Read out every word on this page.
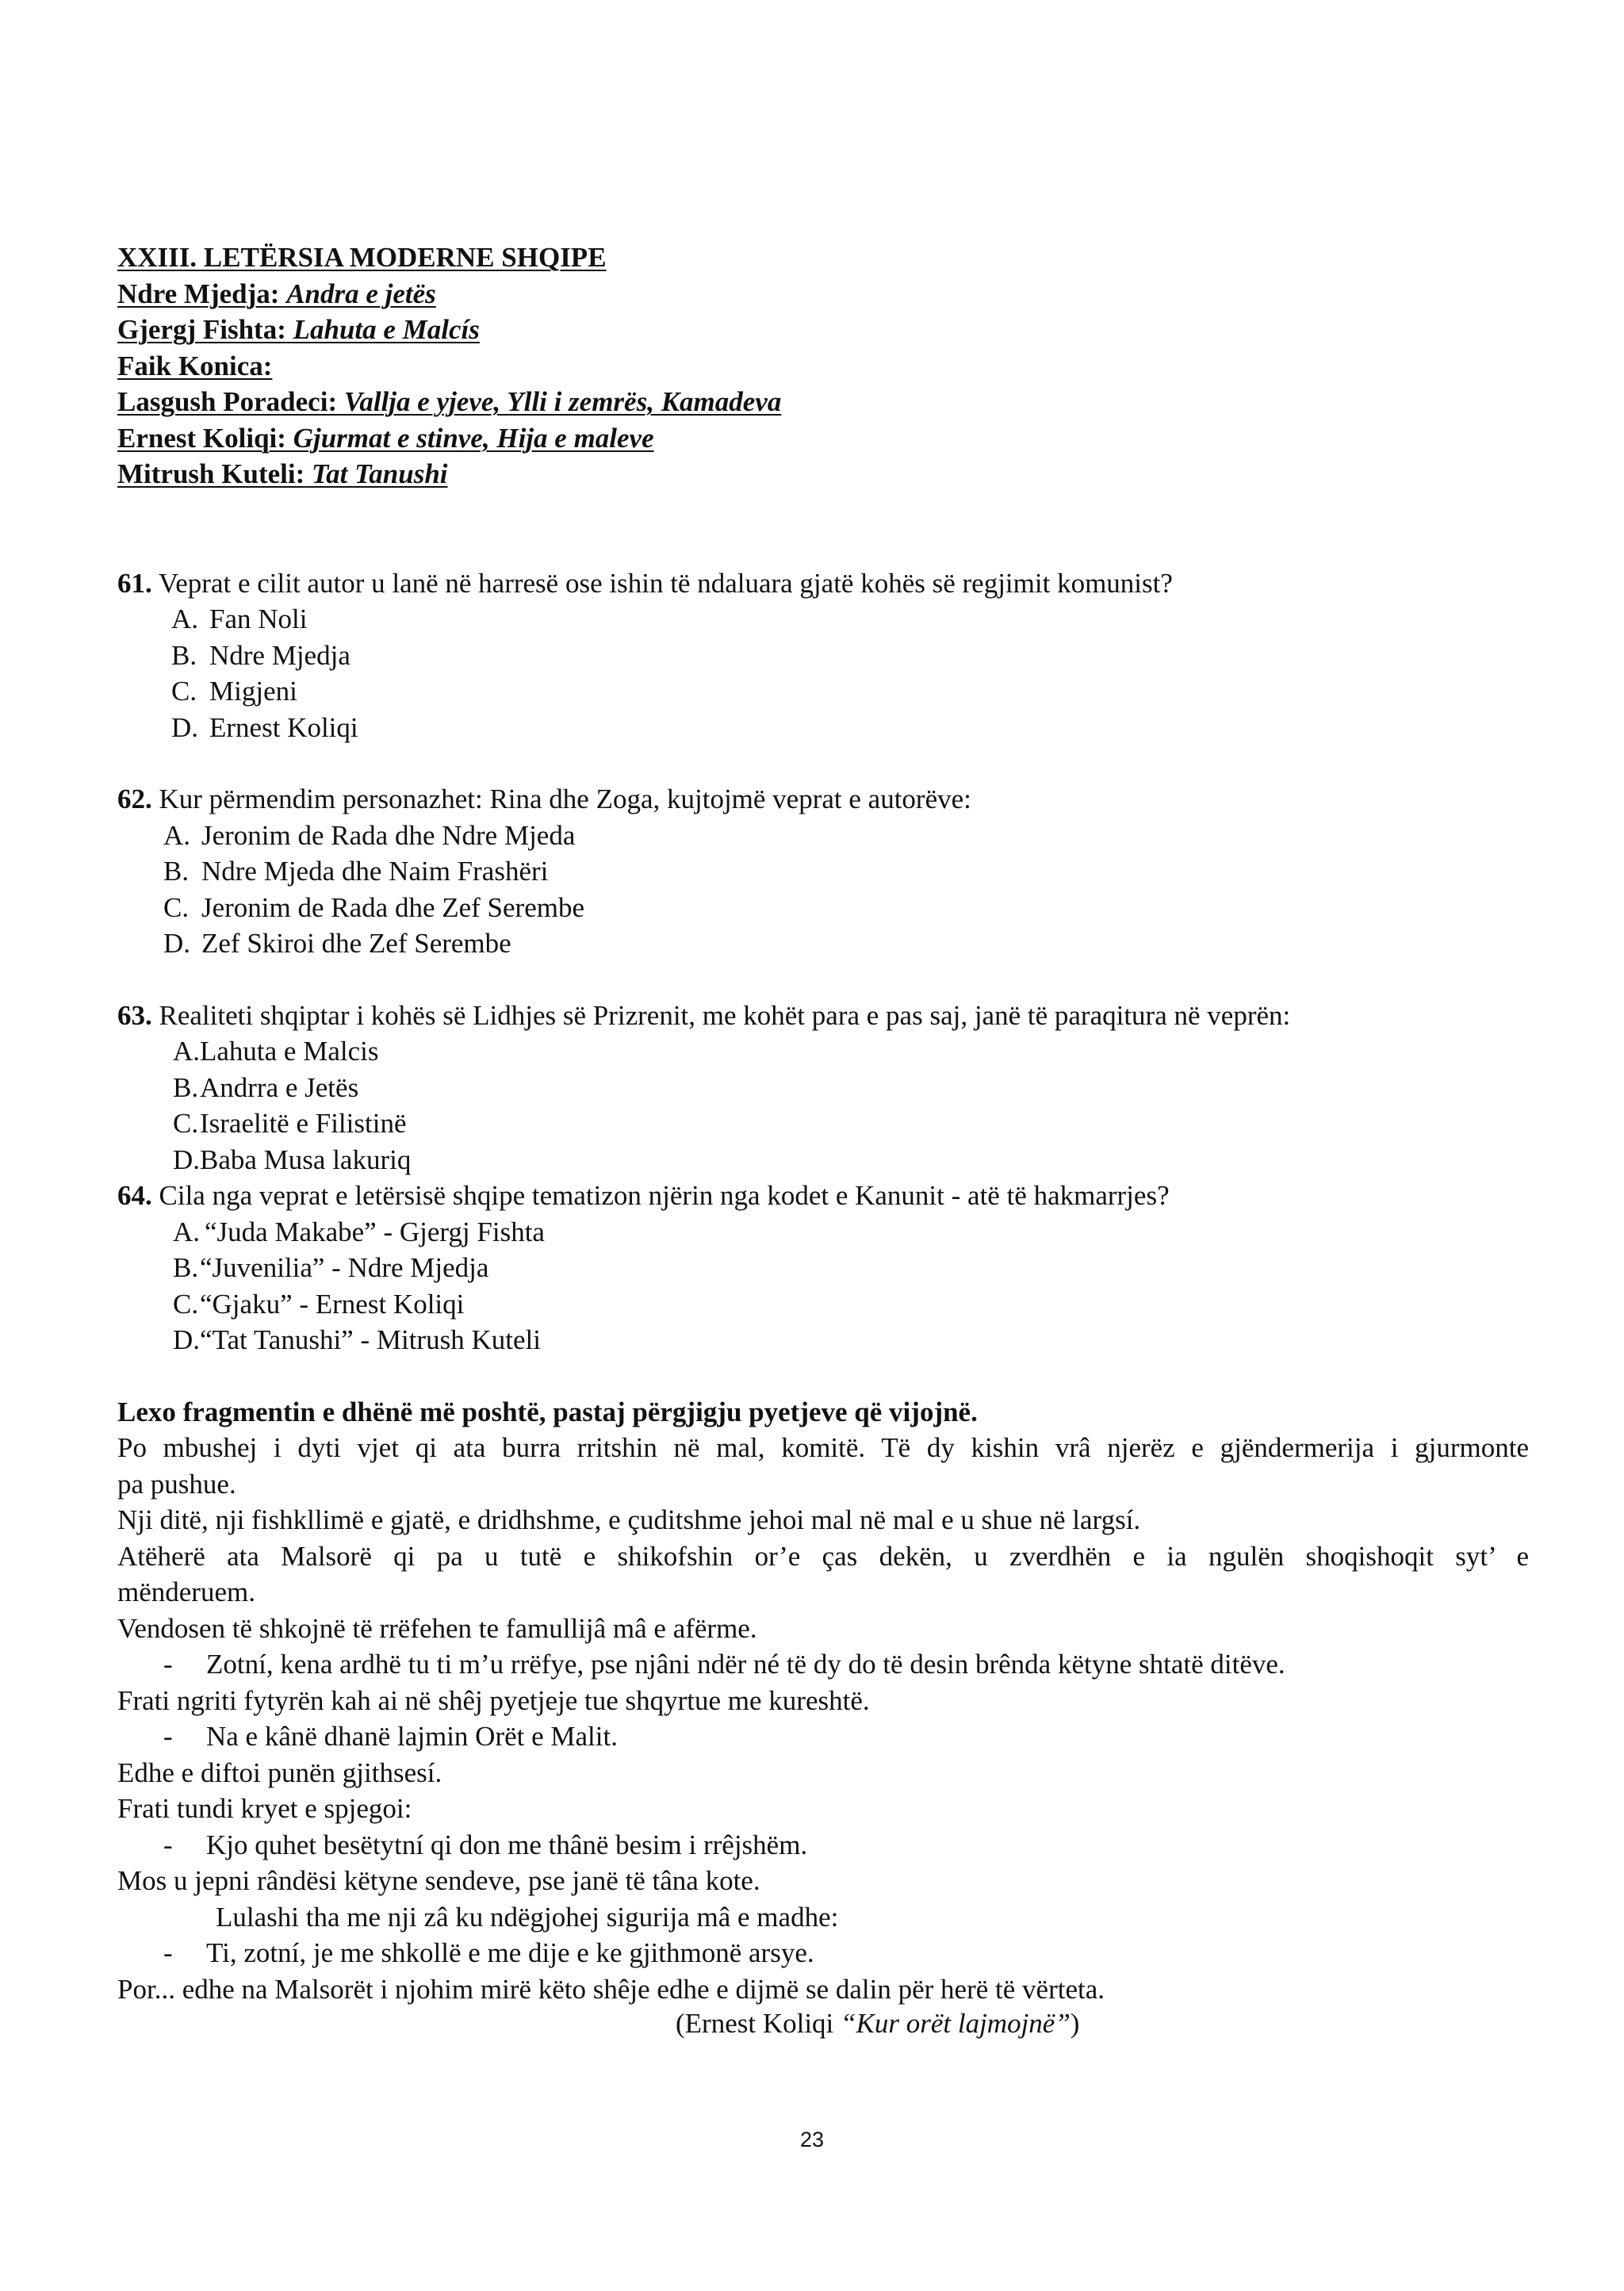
XXIII. LETËRSIA MODERNE SHQIPE
Ndre Mjedja: Andra e jetës
Gjergj Fishta: Lahuta e Malcís
Faik Konica:
Lasgush Poradeci: Vallja e yjeve, Ylli i zemrës, Kamadeva
Ernest Koliqi: Gjurmat e stinve, Hija e maleve
Mitrush Kuteli: Tat Tanushi
61. Veprat e cilit autor u lanë në harresë ose ishin të ndaluara gjatë kohës së regjimit komunist?
A. Fan Noli
B. Ndre Mjedja
C. Migjeni
D. Ernest Koliqi
62. Kur përmendim personazhet: Rina dhe Zoga, kujtojmë veprat e autorëve:
A. Jeronim de Rada dhe Ndre Mjeda
B. Ndre Mjeda dhe Naim Frashëri
C. Jeronim de Rada dhe Zef Serembe
D. Zef Skiroi dhe Zef Serembe
63. Realiteti shqiptar i kohës së Lidhjes së Prizrenit, me kohët para e pas saj, janë të paraqitura në veprën:
A.Lahuta e Malcis
B.Andrra e Jetës
C.Israelitë e Filistinë
D.Baba Musa lakuriq
64. Cila nga veprat e letërsisë shqipe tematizon njërin nga kodet e Kanunit - atë të hakmarrjes?
A. “Juda Makabe” - Gjergj Fishta
B.“Juvenilia” - Ndre Mjedja
C.“Gjaku” - Ernest Koliqi
D.“Tat Tanushi” - Mitrush Kuteli
Lexo fragmentin e dhënë më poshtë, pastaj përgjigju pyetjeve që vijojnë.
Po mbushej i dyti vjet qi ata burra rritshin në mal, komitë. Të dy kishin vrâ njerëz e gjëndermerija i gjurmonte
pa pushue.
Nji ditë, nji fishkllimë e gjatë, e dridhshme, e çuditshme jehoi mal në mal e u shue në largsí.
Atëherë ata Malsorë qi pa u tutë e shikofshin or’e ças dekën, u zverdhën e ia ngulën shoqishoqit syt’ e
mënderuem.
Vendosen të shkojnë të rrëfehen te famullijâ mâ e afërme.
- Zotní, kena ardhë tu ti m’u rrëfye, pse njâni ndër né të dy do të desin brênda këtyne shtatë ditëve.
Frati ngriti fytyrën kah ai në shêj pyetjeje tue shqyrtue me kureshtë.
- Na e kânë dhanë lajmin Orët e Malit.
Edhe e diftoi punën gjithsesí.
Frati tundi kryet e spjegoi:
- Kjo quhet besëtytní qi don me thânë besim i rrêjshëm.
Mos u jepni rândësi këtyne sendeve, pse janë të tâna kote.
Lulashi tha me nji zâ ku ndëgjohej sigurija mâ e madhe:
- Ti, zotní, je me shkollë e me dije e ke gjithmonë arsye.
Por... edhe na Malsorët i njohim mirë këto shêje edhe e dijmë se dalin për herë të vërteta.
(Ernest Koliqi “Kur orët lajmojnë”)
23
